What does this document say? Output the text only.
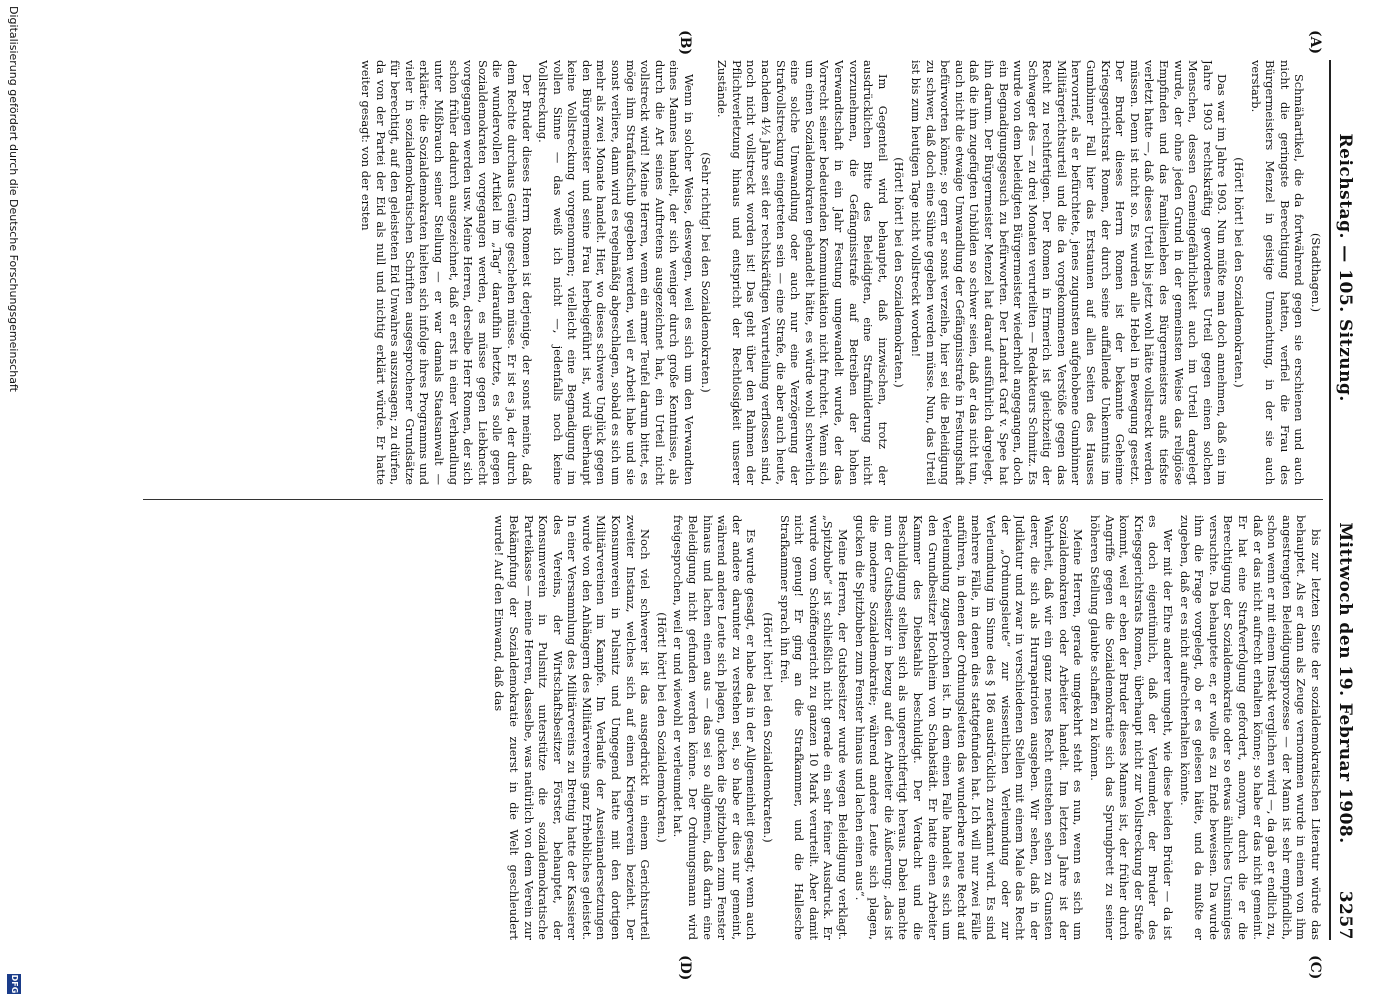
Reichstag. — 105. Sitzung.
Mittwoch den 19. Februar 1908.
3257
(A)
(B)
(C)
(D)

(Stadthagen.)

Schmähartikel, die da fortwährend gegen sie erschienen und auch nicht die geringste Berechtigung hatten, verfiel die Frau des Bürgermeisters Menzel in geistige Umnachtung, in der sie auch verstarb.

(Hört! hört! bei den Sozialdemokraten.)

Das war im Jahre 1903. Nun müßte man doch annehmen, daß ein im Jahre 1903 rechtskräftig gewordenes Urteil gegen einen solchen Menschen, dessen Gemeingefährlichkeit auch im Urteil dargelegt wurde, der ohne jeden Grund in der gemeinsten Weise das religiöse Empfinden und das Familienleben des Bürgermeisters aufs tiefste verletzt hatte —, daß dieses Urteil bis jetzt wohl hätte vollstreckt werden müssen. Denn ist nicht so. Es wurden alle Hebel in Bewegung gesetzt. Der Bruder dieses Herrn Romen ist der bekannte Geheime Kriegsgerichtsrat Romen, der durch seine auffallende Unkenntnis im Gumbinner Fall hier das Erstaunen auf allen Seiten des Hauses hervorrief, als er befürchtete, jenes zugunsten aufgehobene Gumbinner Militärgerichtsurteil und die da vorgekommenen Verstöße gegen das Recht zu rechtfertigen. Der Romen in Ermerich ist gleichzeitig der Schwager des — zu drei Monaten verurteilten — Redakteurs Schmitz. Es wurde von dem beleidigten Bürgermeister wiederholt angegangen, doch ein Begnadigungsgesuch zu befürworten. Der Landrat Graf v. Spee hat ihn darum. Der Bürgermeister Menzel hat darauf ausführlich dargelegt, daß die ihm zugefügten Unbilden so schwer seien, daß er das nicht tun, auch nicht die etwaige Umwandlung der Gefängnisstrafe in Festungshaft befürworten könne; so gern er sonst verzeihe, hier sei die Beleidigung zu schwer, daß doch eine Sühne gegeben werden müsse. Nun, das Urteil ist bis zum heutigen Tage nicht vollstreckt worden!

(Hört! hört! bei den Sozialdemokraten.)

Im Gegenteil wird behauptet, daß inzwischen, trotz der ausdrücklichen Bitte des Beleidigten, eine Strafmilderung nicht vorzunehmen, die Gefängnisstrafe auf Betreiben der hohen Verwandtschaft in ein Jahr Festung umgewandelt wurde, der das Vorrecht seiner bedeutenden Kommunikation nicht fruchtet. Wenn sich um einen Sozialdemokraten gehandelt hätte, es würde wohl schwerlich eine solche Umwandlung oder auch nur eine Verzögerung der Strafvollstreckung eingetreten sein — eine Strafe, die aber auch heute, nachdem 4½ Jahre seit der rechtskräftigen Verurteilung verflossen sind, noch nicht vollstreckt worden ist! Das geht über den Rahmen der Pflichtverletzung hinaus und entspricht der Rechtlosigkeit unserer Zustände.

(Sehr richtig! bei den Sozialdemokraten.)

Wenn in solcher Weise, deswegen, weil es sich um den Verwandten eines Mannes handelt, der sich weniger durch große Kenntnisse, als durch die Art seines Auftretens ausgezeichnet hat, ein Urteil nicht vollstreckt wird! Meine Herren, wenn ein armer Teufel darum bittet, es möge ihm Strafaufschub gegeben werden, weil er Arbeit habe und sie sonst verliere, dann wird es regelmäßig abgeschlagen, sobald es sich um mehr als zwei Monate handelt. Hier, wo dieses schwere Unglück gegen den Bürgermeister und seine Frau herbeigeführt ist, wird überhaupt keine Vollstreckung vorgenommen; vielleicht eine Begnadigung im vollen Sinne — das weiß ich nicht —, jedenfalls noch keine Vollstreckung.

Der Bruder dieses Herrn Romen ist derjenige, der sonst meinte, daß dem Rechte durchaus Genüge geschehen müsse. Er ist es ja, der durch die wundervollen Artikel im „Tag“ daraufhin hetzte, es solle gegen Sozialdemokraten vorgegangen werden, es müsse gegen Liebknecht vorgegangen werden usw. Meine Herren, derselbe Herr Romen, der sich schon früher dadurch ausgezeichnet, daß er erst in einer Verhandlung unter Mißbrauch seiner Stellung — er war damals Staatsanwalt — erklärte: die Sozialdemokraten hielten sich infolge ihres Programms und vieler in sozialdemokratischen Schriften ausgesprochener Grundsätze für berechtigt, auf den geleisteten Eid Unwahres auszusagen; zu dürfen, da von der Partei der Eid als null und nichtig erklärt würde. Er hatte weiter gesagt: von der ersten

bis zur letzten Seite der sozialdemokratischen Literatur würde das behauptet. Als er dann als Zeuge vernommen wurde in einem von ihm angestrengten Beleidigungsprozesse — der Mann ist sehr empfindlich, schon wenn er mit einem Insekt verglichen wird —, da gab er endlich zu, daß er das nicht aufrecht erhalten könne; so habe er das nicht gemeint. Er hat eine Strafverfolgung gefordert, anonym, durch die er die Berechtigung der Sozialdemokratie oder so etwas ähnliches Unsinniges versuchte. Da behauptete er, er wolle es zu Ende beweisen. Da wurde ihm die Frage vorgelegt, ob er es gelesen hätte, und da mußte er zugeben, daß er es nicht aufrechterhalten könnte.

Wer mit der Ehre anderer umgeht, wie diese beiden Brüder — da ist es doch eigentümlich, daß der Verleumder, der Bruder des Kriegsgerichtsrats Romen, überhaupt nicht zur Vollstreckung der Strafe kommt, weil er eben der Bruder dieses Mannes ist, der früher durch Angriffe gegen die Sozialdemokratie sich das Sprungbrett zu seiner höheren Stellung glaubte schaffen zu können.

Meine Herren, gerade umgekehrt steht es nun, wenn es sich um Sozialdemokraten oder Arbeiter handelt. Im letzten Jahre ist der Wahrheit, daß wir ein ganz neues Recht entstehen sehen zu Gunsten derer, die sich als Hurrapatrioten ausgeben. Wir sehen, daß in der Judikatur und zwar in verschiedenen Stellen mit einem Male das Recht der „Ordnungsleute“ zur wissentlichen Verleumdung oder zur Verleumdung im Sinne des § 186 ausdrücklich zuerkannt wird. Es sind mehrere Fälle, in denen dies stattgefunden hat. Ich will nur zwei Fälle anführen, in denen der Ordnungsleuten das wunderbare neue Recht auf Verleumdung zugesprochen ist. In dem einen Falle handelt es sich um den Grundbesitzer Hochheim von Schabstädt. Er hatte einen Arbeiter Kammer des Diebstahls beschuldigt. Der Verdacht und die Beschuldigung stellten sich als ungerechtfertigt heraus. Dabei machte nun der Gutsbesitzer in bezug auf den Arbeiter die Äußerung: „das ist die moderne Sozialdemokratie; während andere Leute sich plagen, gucken die Spitzbuben zum Fenster hinaus und lachen einen aus“.

Meine Herren, der Gutsbesitzer wurde wegen Beleidigung verklagt. „Spitzbube“ ist schließlich nicht gerade ein sehr feiner Ausdruck. Er wurde vom Schöffengericht zu ganzen 10 Mark verurteilt. Aber damit nicht genug! Er ging an die Strafkammer, und die Hallesche Strafkammer sprach ihn frei.

(Hört! hört! bei den Sozialdemokraten.)

Es wurde gesagt, er habe das in der Allgemeinheit gesagt; wenn auch der andere darunter zu verstehen sei, so habe er dies nur gemeint, während andere Leute sich plagen, gucken die Spitzbuben zum Fenster hinaus und lachen einen aus — das sei so allgemein, daß darin eine Beleidigung nicht gefunden werden könne. Der Ordnungsmann wird freigesprochen, weil er und wiewohl er verleumdet hat.

(Hört! hört! bei den Sozialdemokraten.)

Noch viel schwerer ist das ausgedrückt in einem Gerichtsurteil zweiter Instanz, welches sich auf einen Kriegerverein bezieht. Der Konsumverein in Pulsnitz und Umgegend hatte mit den dortigen Militärvereinen im Kampfe. Im Verlaufe der Auseinandersetzungen wurde von den Anhängern des Militärvereins ganz Erhebliches geleistet. In einer Versammlung des Militärvereins zu Bretnig hatte der Kassierer des Vereins, der Wirtschaftsbesitzer Förster, behauptet, der Konsumverein in Pulsnitz unterstütze die sozialdemokratische Parteikasse — meine Herren, dasselbe, was natürlich von dem Verein zur Bekämpfung der Sozialdemokratie zuerst in die Welt geschleudert wurde! Auf den Einwand, daß das

Digitalisierung gefördert durch die Deutsche Forschungsgemeinschaft
DFG
